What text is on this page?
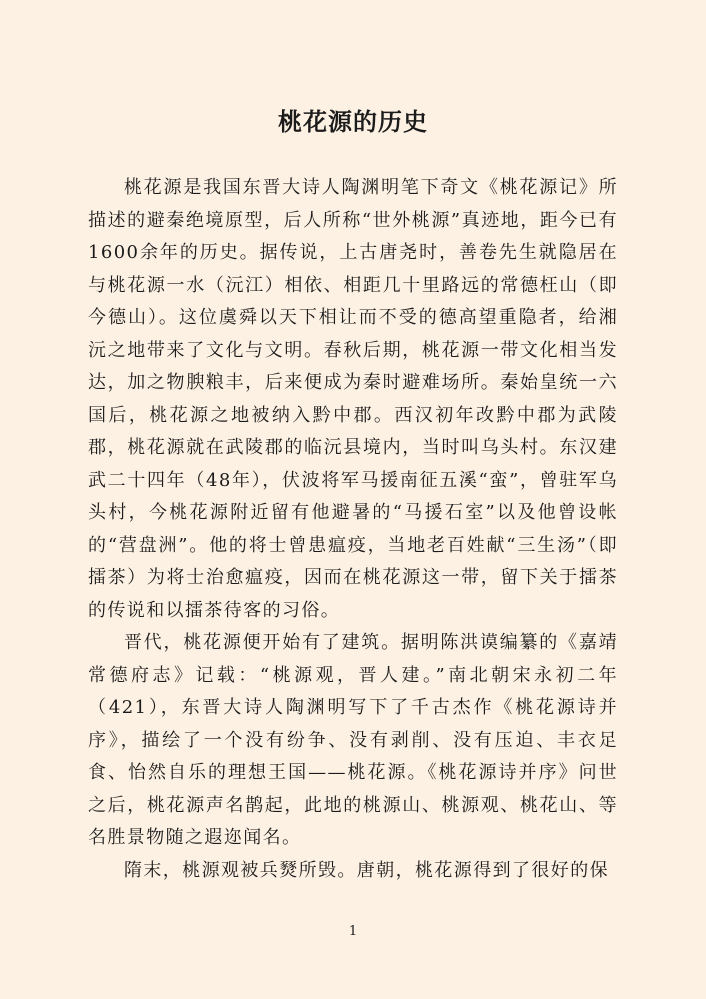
桃花源的历史

桃花源是我国东晋大诗人陶渊明笔下奇文《桃花源记》所描述的避秦绝境原型，后人所称“世外桃源”真迹地，距今已有1600余年的历史。据传说，上古唐尧时，善卷先生就隐居在与桃花源一水（沅江）相依、相距几十里路远的常德枉山（即今德山）。这位虞舜以天下相让而不受的德高望重隐者，给湘沅之地带来了文化与文明。春秋后期，桃花源一带文化相当发达，加之物腴粮丰，后来便成为秦时避难场所。秦始皇统一六国后，桃花源之地被纳入黔中郡。西汉初年改黔中郡为武陵郡，桃花源就在武陵郡的临沅县境内，当时叫乌头村。东汉建武二十四年（48年），伏波将军马援南征五溪“蛮”，曾驻军乌头村，今桃花源附近留有他避暑的“马援石室”以及他曾设帐的“营盘洲”。他的将士曾患瘟疫，当地老百姓献“三生汤”（即擂茶）为将士治愈瘟疫，因而在桃花源这一带，留下关于擂茶的传说和以擂茶待客的习俗。

晋代，桃花源便开始有了建筑。据明陈洪谟编纂的《嘉靖常德府志》记载：“桃源观，晋人建。”南北朝宋永初二年（421），东晋大诗人陶渊明写下了千古杰作《桃花源诗并序》，描绘了一个没有纷争、没有剥削、没有压迫、丰衣足食、怡然自乐的理想王国——桃花源。《桃花源诗并序》问世之后，桃花源声名鹊起，此地的桃源山、桃源观、桃花山、等名胜景物随之遐迩闻名。

隋末，桃源观被兵燹所毁。唐朝，桃花源得到了很好的保

1
